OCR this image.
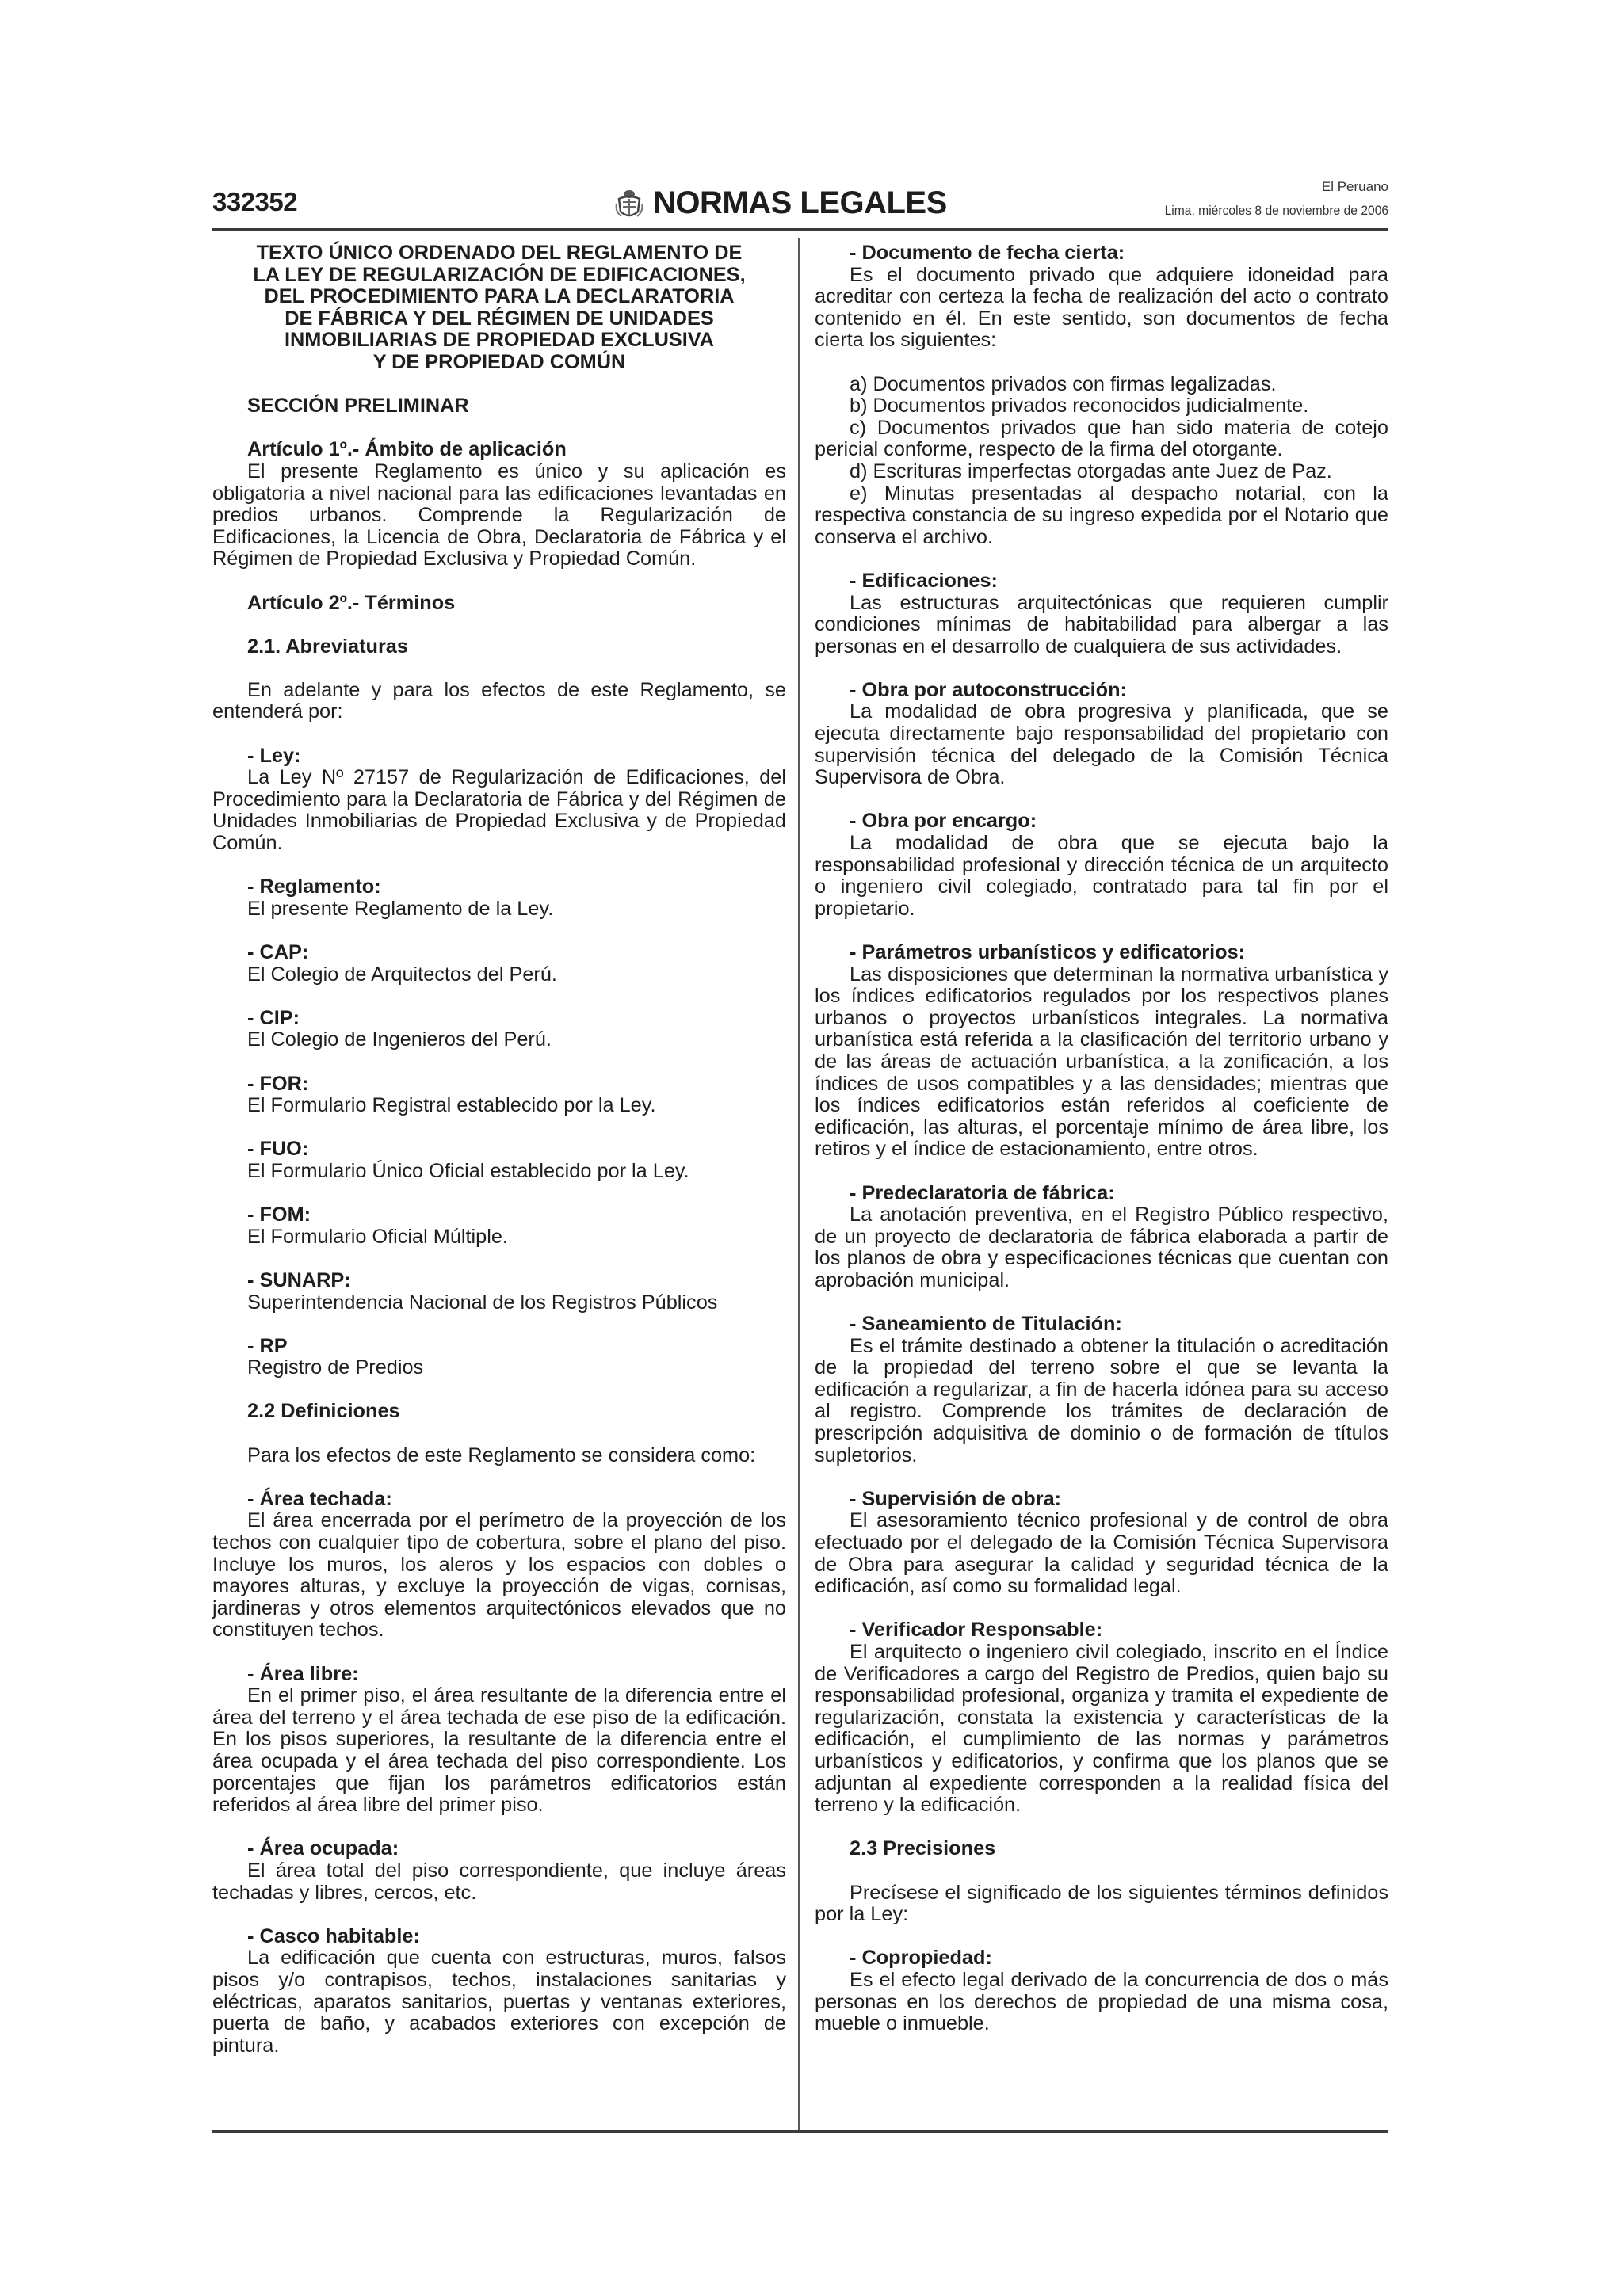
332352	NORMAS LEGALES	El Peruano
Lima, miércoles 8 de noviembre de 2006
TEXTO ÚNICO ORDENADO DEL REGLAMENTO DE
LA LEY DE REGULARIZACIÓN DE EDIFICACIONES,
DEL PROCEDIMIENTO PARA LA DECLARATORIA
DE FÁBRICA Y DEL RÉGIMEN DE UNIDADES
INMOBILIARIAS DE PROPIEDAD EXCLUSIVA
Y DE PROPIEDAD COMÚN
SECCIÓN PRELIMINAR
Artículo 1º.- Ámbito de aplicación

El presente Reglamento es único y su aplicación es obligatoria a nivel nacional para las edificaciones levantadas en predios urbanos. Comprende la Regularización de Edificaciones, la Licencia de Obra, Declaratoria de Fábrica y el Régimen de Propiedad Exclusiva y Propiedad Común.

Artículo 2º.- Términos
2.1. Abreviaturas

En adelante y para los efectos de este Reglamento, se entenderá por:

- Ley:

La Ley Nº 27157 de Regularización de Edificaciones, del Procedimiento para la Declaratoria de Fábrica y del Régimen de Unidades Inmobiliarias de Propiedad Exclusiva y de Propiedad Común.

- Reglamento:
El presente Reglamento de la Ley.
- CAP:
El Colegio de Arquitectos del Perú.
- CIP:
El Colegio de Ingenieros del Perú.
- FOR:
El Formulario Registral establecido por la Ley.
- FUO:
El Formulario Único Oficial establecido por la Ley.
- FOM:
El Formulario Oficial Múltiple.
- SUNARP:
Superintendencia Nacional de los Registros Públicos
- RP
Registro de Predios
2.2 Definiciones

Para los efectos de este Reglamento se considera como:

- Área techada:

El área encerrada por el perímetro de la proyección de los techos con cualquier tipo de cobertura, sobre el plano del piso. Incluye los muros, los aleros y los espacios con dobles o mayores alturas, y excluye la proyección de vigas, cornisas, jardineras y otros elementos arquitectónicos elevados que no constituyen techos.

- Área libre:

En el primer piso, el área resultante de la diferencia entre el área del terreno y el área techada de ese piso de la edificación. En los pisos superiores, la resultante de la diferencia entre el área ocupada y el área techada del piso correspondiente. Los porcentajes que fijan los parámetros edificatorios están referidos al área libre del primer piso.

- Área ocupada:

El área total del piso correspondiente, que incluye áreas techadas y libres, cercos, etc.

- Casco habitable:

La edificación que cuenta con estructuras, muros, falsos pisos y/o contrapisos, techos, instalaciones sanitarias y eléctricas, aparatos sanitarios, puertas y ventanas exteriores, puerta de baño, y acabados exteriores con excepción de pintura.

- Documento de fecha cierta:

Es el documento privado que adquiere idoneidad para acreditar con certeza la fecha de realización del acto o contrato contenido en él. En este sentido, son documentos de fecha cierta los siguientes:

a) Documentos privados con firmas legalizadas.

b) Documentos privados reconocidos judicialmente.

c) Documentos privados que han sido materia de cotejo pericial conforme, respecto de la firma del otorgante.

d) Escrituras imperfectas otorgadas ante Juez de Paz.

e) Minutas presentadas al despacho notarial, con la respectiva constancia de su ingreso expedida por el Notario que conserva el archivo.

- Edificaciones:

Las estructuras arquitectónicas que requieren cumplir condiciones mínimas de habitabilidad para albergar a las personas en el desarrollo de cualquiera de sus actividades.

- Obra por autoconstrucción:

La modalidad de obra progresiva y planificada, que se ejecuta directamente bajo responsabilidad del propietario con supervisión técnica del delegado de la Comisión Técnica Supervisora de Obra.

- Obra por encargo:

La modalidad de obra que se ejecuta bajo la responsabilidad profesional y dirección técnica de un arquitecto o ingeniero civil colegiado, contratado para tal fin por el propietario.

- Parámetros urbanísticos y edificatorios:

Las disposiciones que determinan la normativa urbanística y los índices edificatorios regulados por los respectivos planes urbanos o proyectos urbanísticos integrales. La normativa urbanística está referida a la clasificación del territorio urbano y de las áreas de actuación urbanística, a la zonificación, a los índices de usos compatibles y a las densidades; mientras que los índices edificatorios están referidos al coeficiente de edificación, las alturas, el porcentaje mínimo de área libre, los retiros y el índice de estacionamiento, entre otros.

- Predeclaratoria de fábrica:

La anotación preventiva, en el Registro Público respectivo, de un proyecto de declaratoria de fábrica elaborada a partir de los planos de obra y especificaciones técnicas que cuentan con aprobación municipal.

- Saneamiento de Titulación:

Es el trámite destinado a obtener la titulación o acreditación de la propiedad del terreno sobre el que se levanta la edificación a regularizar, a fin de hacerla idónea para su acceso al registro. Comprende los trámites de declaración de prescripción adquisitiva de dominio o de formación de títulos supletorios.

- Supervisión de obra:

El asesoramiento técnico profesional y de control de obra efectuado por el delegado de la Comisión Técnica Supervisora de Obra para asegurar la calidad y seguridad técnica de la edificación, así como su formalidad legal.

- Verificador Responsable:

El arquitecto o ingeniero civil colegiado, inscrito en el Índice de Verificadores a cargo del Registro de Predios, quien bajo su responsabilidad profesional, organiza y tramita el expediente de regularización, constata la existencia y características de la edificación, el cumplimiento de las normas y parámetros urbanísticos y edificatorios, y confirma que los planos que se adjuntan al expediente corresponden a la realidad física del terreno y la edificación.

2.3 Precisiones

Precísese el significado de los siguientes términos definidos por la Ley:

- Copropiedad:

Es el efecto legal derivado de la concurrencia de dos o más personas en los derechos de propiedad de una misma cosa, mueble o inmueble.
